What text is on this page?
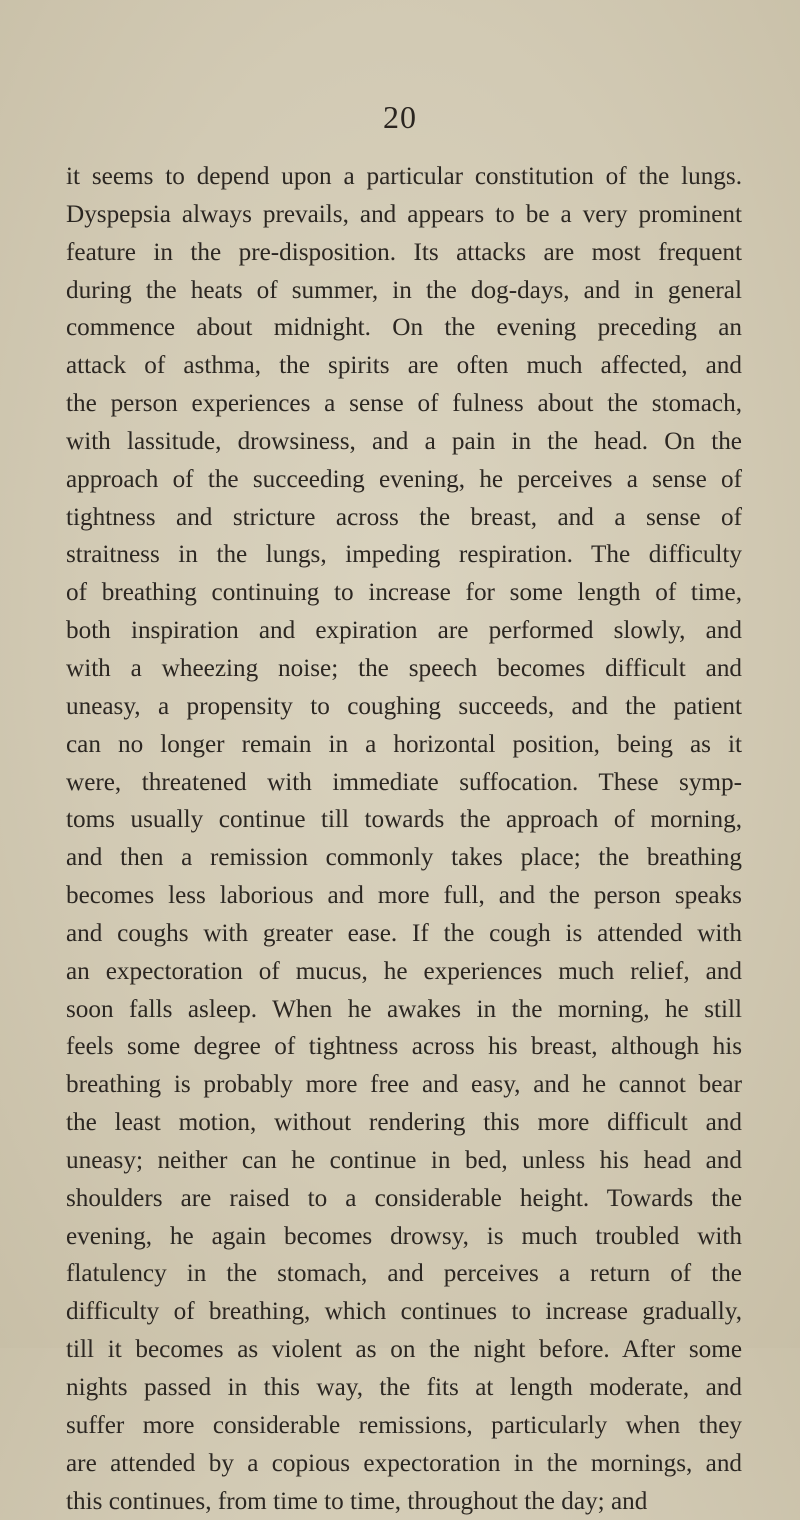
20
it seems to depend upon a particular constitution of the lungs.
Dyspepsia always prevails, and appears to be a very prominent
feature in the pre-disposition. Its attacks are most frequent
during the heats of summer, in the dog-days, and in general
commence about midnight. On the evening preceding an
attack of asthma, the spirits are often much affected, and
the person experiences a sense of fulness about the stomach,
with lassitude, drowsiness, and a pain in the head. On the
approach of the succeeding evening, he perceives a sense of
tightness and stricture across the breast, and a sense of
straitness in the lungs, impeding respiration. The difficulty
of breathing continuing to increase for some length of time,
both inspiration and expiration are performed slowly, and
with a wheezing noise; the speech becomes difficult and
uneasy, a propensity to coughing succeeds, and the patient
can no longer remain in a horizontal position, being as it
were, threatened with immediate suffocation. These symp-
toms usually continue till towards the approach of morning,
and then a remission commonly takes place; the breathing
becomes less laborious and more full, and the person speaks
and coughs with greater ease. If the cough is attended with
an expectoration of mucus, he experiences much relief, and
soon falls asleep. When he awakes in the morning, he still
feels some degree of tightness across his breast, although his
breathing is probably more free and easy, and he cannot bear
the least motion, without rendering this more difficult and
uneasy; neither can he continue in bed, unless his head and
shoulders are raised to a considerable height. Towards the
evening, he again becomes drowsy, is much troubled with
flatulency in the stomach, and perceives a return of the
difficulty of breathing, which continues to increase gradually,
till it becomes as violent as on the night before. After some
nights passed in this way, the fits at length moderate, and
suffer more considerable remissions, particularly when they
are attended by a copious expectoration in the mornings, and
this continues, from time to time, throughout the day; and
